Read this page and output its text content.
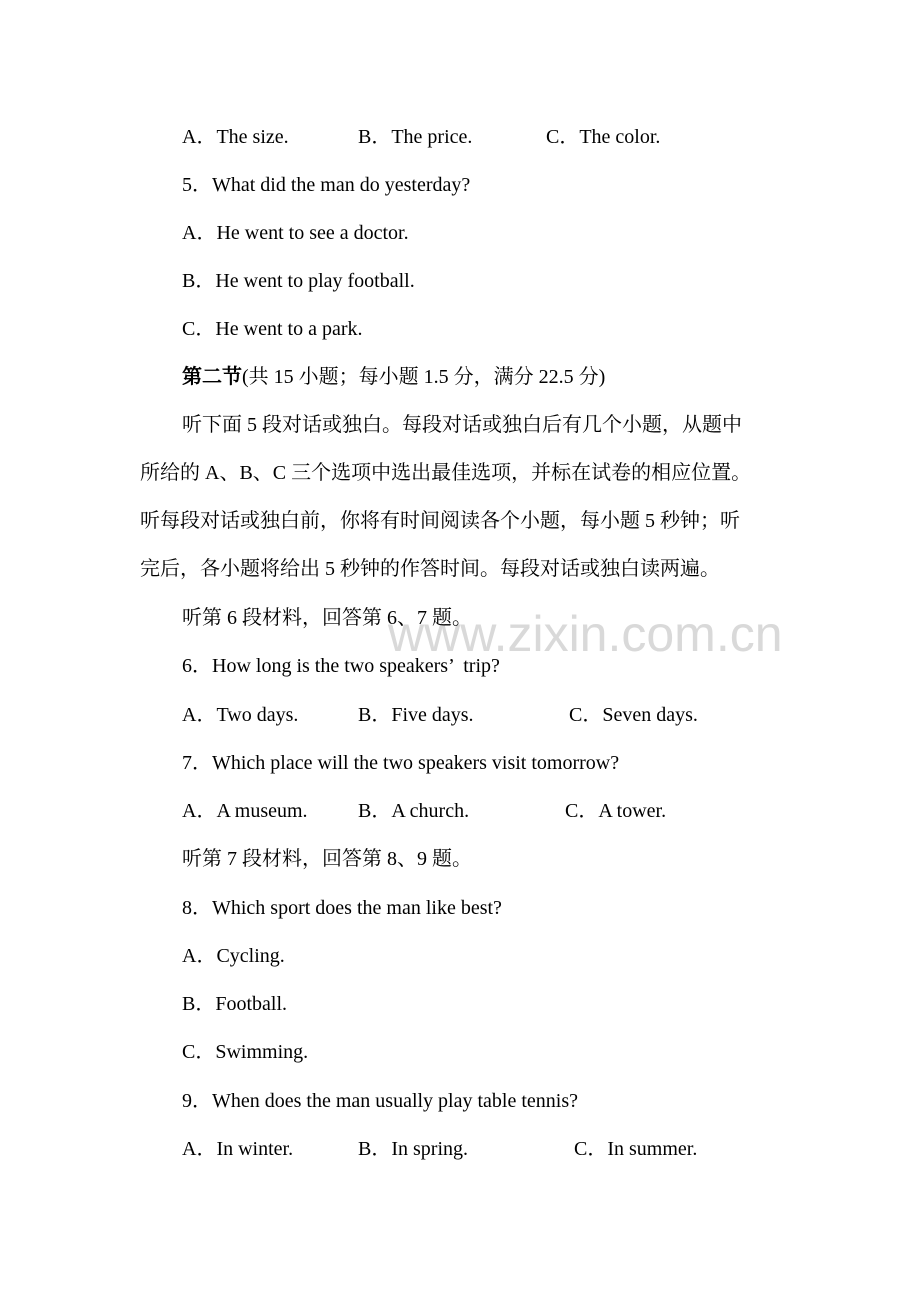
A．The size.	B．The price.	C．The color.
5．What did the man do yesterday?
A．He went to see a doctor.
B．He went to play football.
C．He went to a park.
第二节(共 15 小题；每小题 1.5 分，满分 22.5 分)
听下面 5 段对话或独白。每段对话或独白后有几个小题，从题中
所给的 A、B、C 三个选项中选出最佳选项，并标在试卷的相应位置。
听每段对话或独白前，你将有时间阅读各个小题，每小题 5 秒钟；听
完后，各小题将给出 5 秒钟的作答时间。每段对话或独白读两遍。
www.zixin.com.cn
听第 6 段材料，回答第 6、7 题。
6．How long is the two speakers’  trip?
A．Two days.	B．Five days.	C．Seven days.
7．Which place will the two speakers visit tomorrow?
A．A museum.	B．A church.	C．A tower.
听第 7 段材料，回答第 8、9 题。
8．Which sport does the man like best?
A．Cycling.
B．Football.
C．Swimming.
9．When does the man usually play table tennis?
A．In winter.	B．In spring.	C．In summer.
